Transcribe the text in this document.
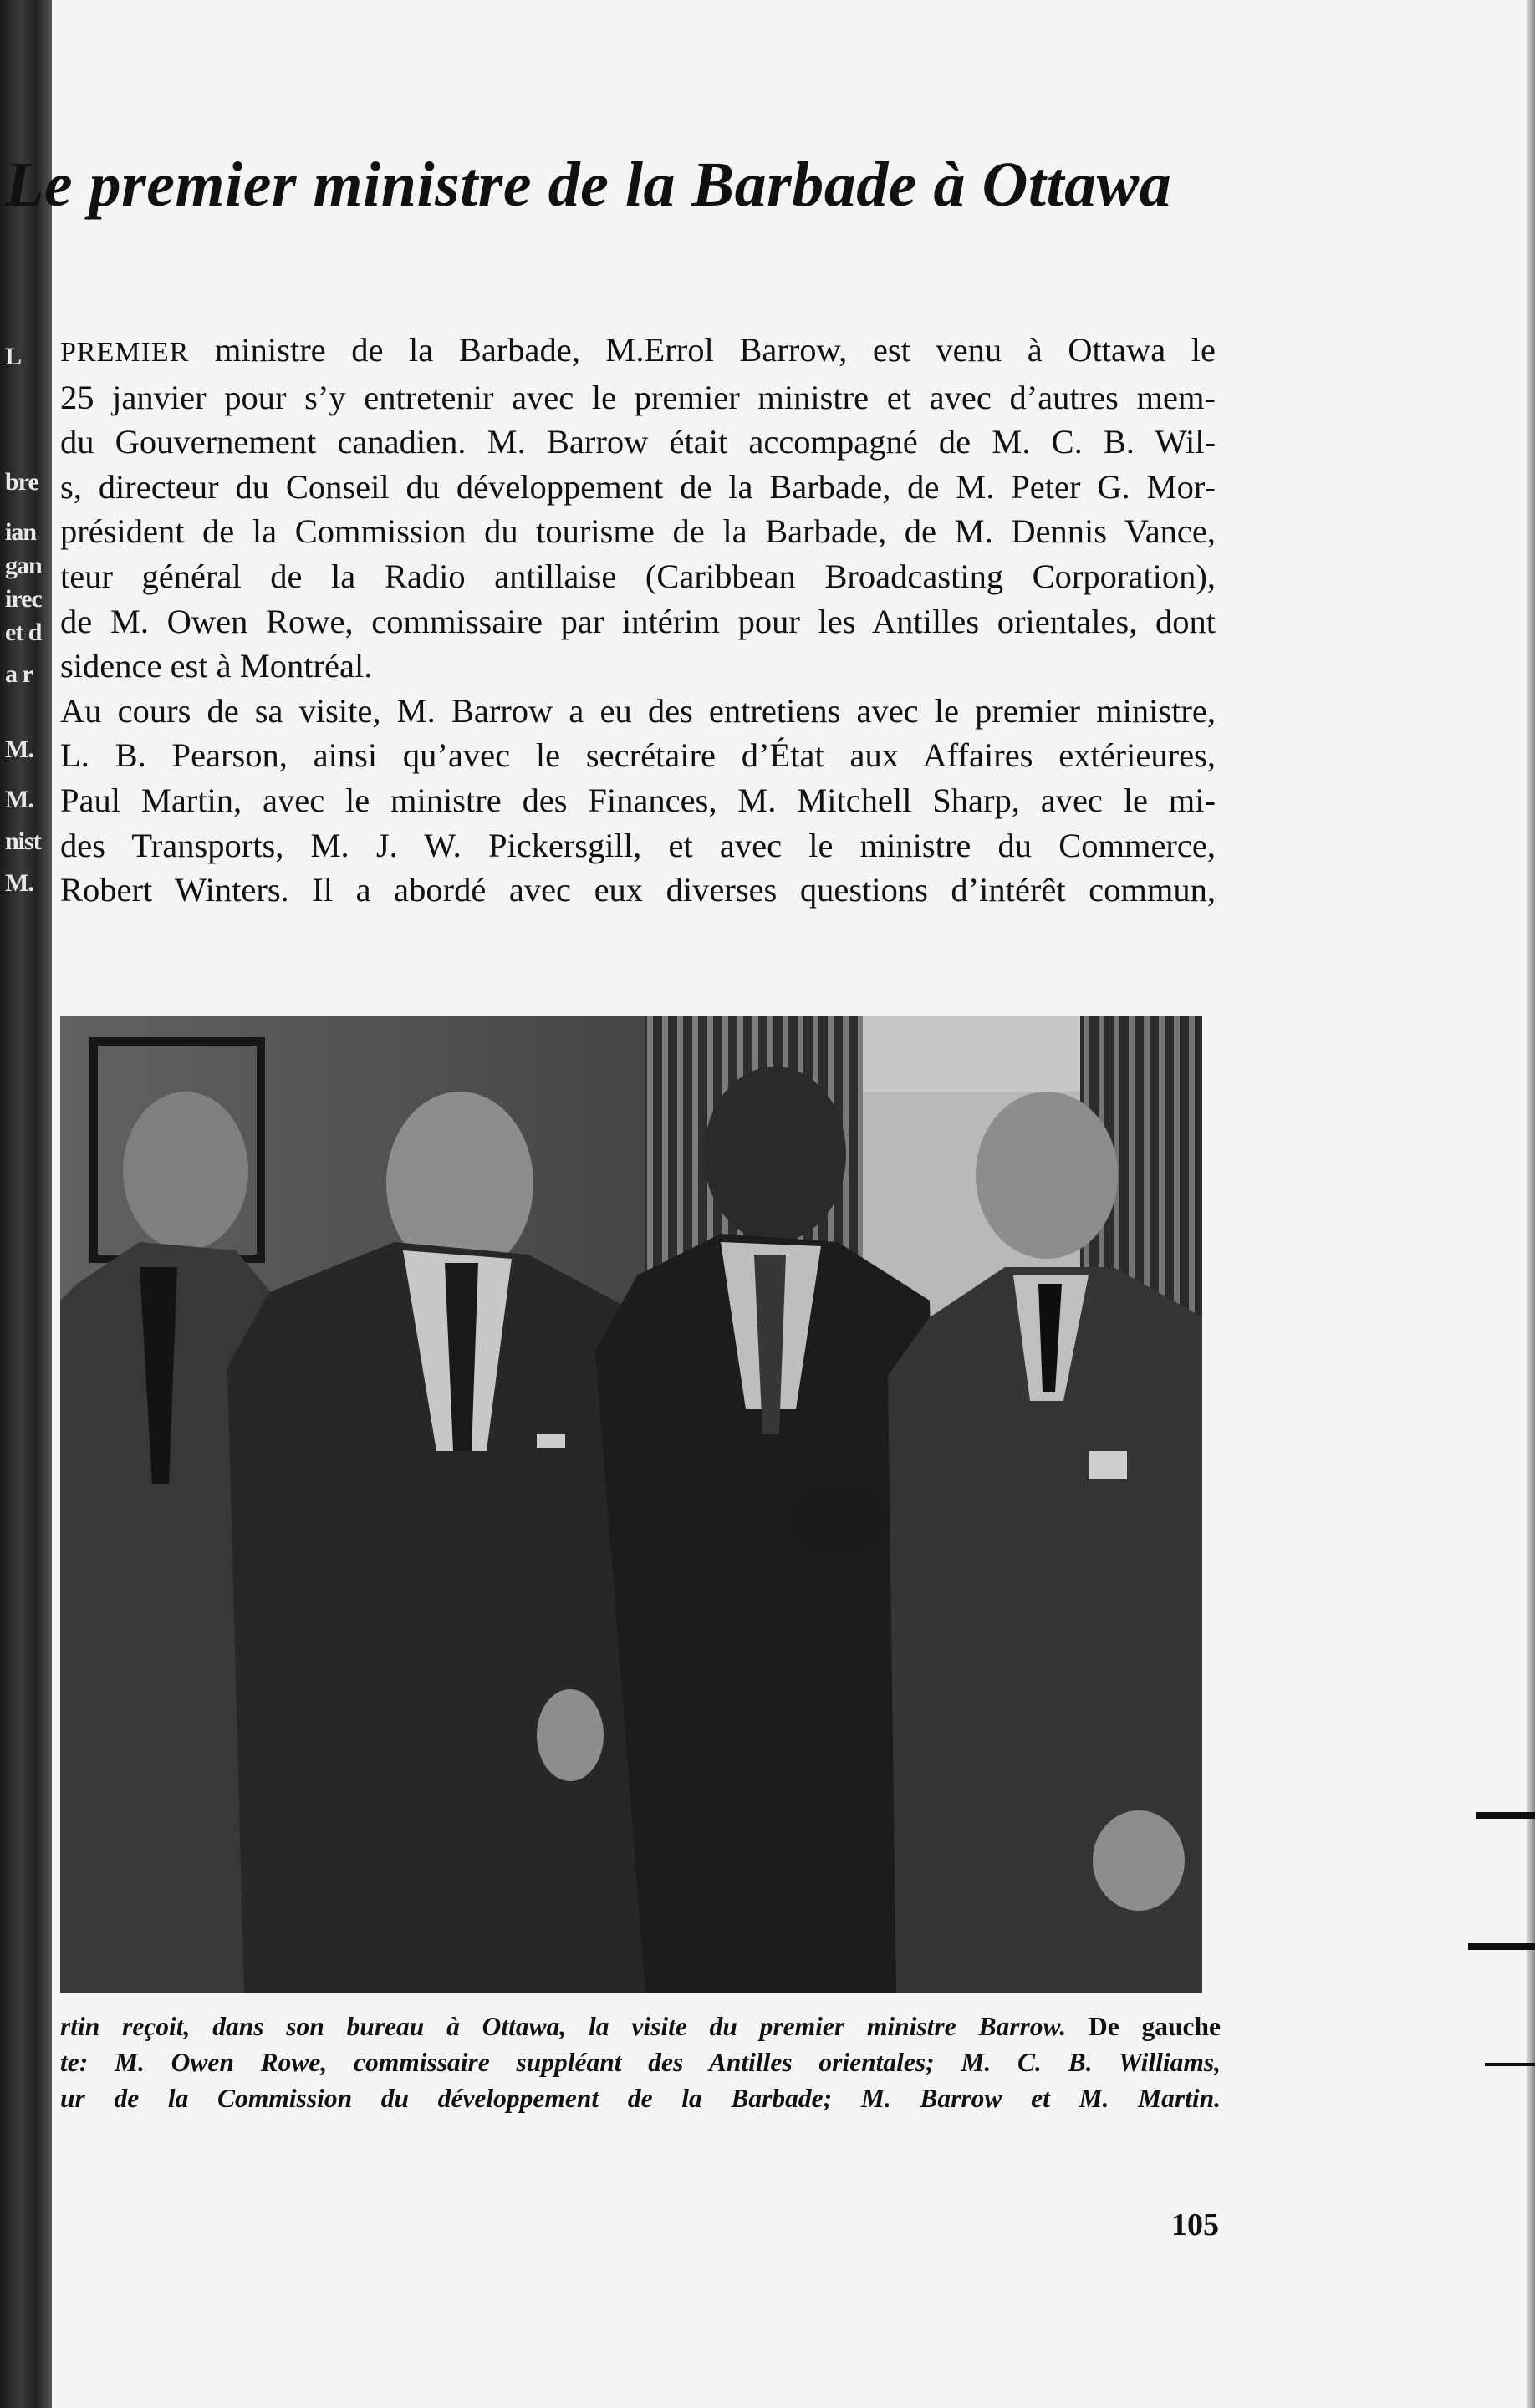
L
bre
ian
gan
irec
et d
a r
M.
M.
nist
M.
Le premier ministre de la Barbade à Ottawa
PREMIER ministre de la Barbade, M.Errol Barrow, est venu à Ottawa le
25 janvier pour s’y entretenir avec le premier ministre et avec d’autres mem-
du Gouvernement canadien. M. Barrow était accompagné de M. C. B. Wil-
s, directeur du Conseil du développement de la Barbade, de M. Peter G. Mor-
président de la Commission du tourisme de la Barbade, de M. Dennis Vance,
teur général de la Radio antillaise (Caribbean Broadcasting Corporation),
de M. Owen Rowe, commissaire par intérim pour les Antilles orientales, dont
sidence est à Montréal.
Au cours de sa visite, M. Barrow a eu des entretiens avec le premier ministre,
L. B. Pearson, ainsi qu’avec le secrétaire d’État aux Affaires extérieures,
Paul Martin, avec le ministre des Finances, M. Mitchell Sharp, avec le mi-
des Transports, M. J. W. Pickersgill, et avec le ministre du Commerce,
Robert Winters. Il a abordé avec eux diverses questions d’intérêt commun,
rtin reçoit, dans son bureau à Ottawa, la visite du premier ministre Barrow. De gauche
te: M. Owen Rowe, commissaire suppléant des Antilles orientales; M. C. B. Williams,
ur de la Commission du développement de la Barbade; M. Barrow et M. Martin.
105
